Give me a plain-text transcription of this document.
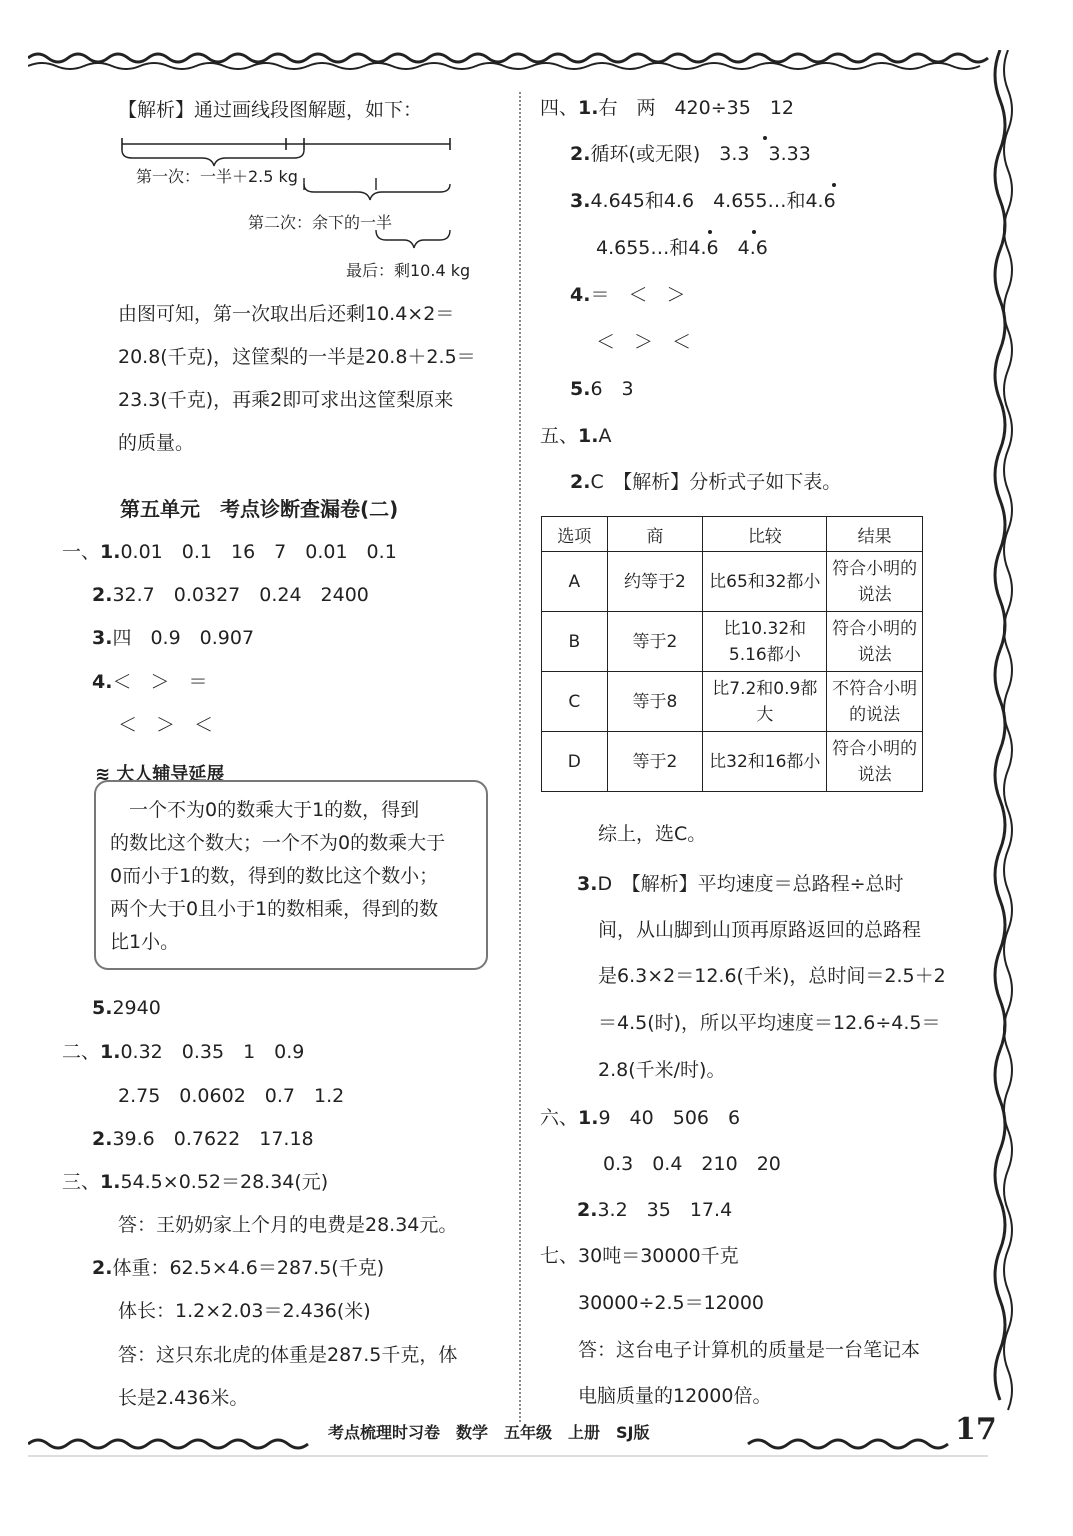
【解析】通过画线段图解题，如下：
第一次：一半＋2.5 kg
第二次：余下的一半
最后：剩10.4 kg
由图可知，第一次取出后还剩10.4×2＝
20.8(千克)，这筐梨的一半是20.8＋2.5＝
23.3(千克)，再乘2即可求出这筐梨原来
的质量。
第五单元　考点诊断查漏卷(二)
一、1.0.01　0.1　16　7　0.01　0.1
2.32.7　0.0327　0.24　2400
3.四　0.9　0.907
4.＜　＞　＝
＜　＞　＜
≋ 大人辅导延展

　一个不为0的数乘大于1的数，得到

的数比这个数大；一个不为0的数乘大于

0而小于1的数，得到的数比这个数小；

两个大于0且小于1的数相乘，得到的数

比1小。

5.2940
二、1.0.32　0.35　1　0.9
2.75　0.0602　0.7　1.2
2.39.6　0.7622　17.18
三、1.54.5×0.52＝28.34(元)
答：王奶奶家上个月的电费是28.34元。
2.体重：62.5×4.6＝287.5(千克)
体长：1.2×2.03＝2.436(米)
答：这只东北虎的体重是287.5千克，体
长是2.436米。
四、1.右　两　420÷35　12
2.循环(或无限)　3.3　3.33
3.4.645和4.6　4.655…和4.6
4.655…和4.6　4.6
4.＝　＜　＞
＜　＞　＜
5.6　3
五、1.A
2.C　【解析】分析式子如下表。
选项	商	比较	结果
A	约等于2	比65和32都小	符合小明的说法
B	等于2	比10.32和5.16都小	符合小明的说法
C	等于8	比7.2和0.9都大	不符合小明的说法
D	等于2	比32和16都小	符合小明的说法
综上，选C。
3.D　【解析】平均速度＝总路程÷总时
间，从山脚到山顶再原路返回的总路程
是6.3×2＝12.6(千米)，总时间＝2.5＋2
＝4.5(时)，所以平均速度＝12.6÷4.5＝
2.8(千米/时)。
六、1.9　40　506　6
0.3　0.4　210　20
2.3.2　35　17.4
七、30吨＝30000千克
30000÷2.5＝12000
答：这台电子计算机的质量是一台笔记本
电脑质量的12000倍。
考点梳理时习卷　数学　五年级　上册　SJ版	17
